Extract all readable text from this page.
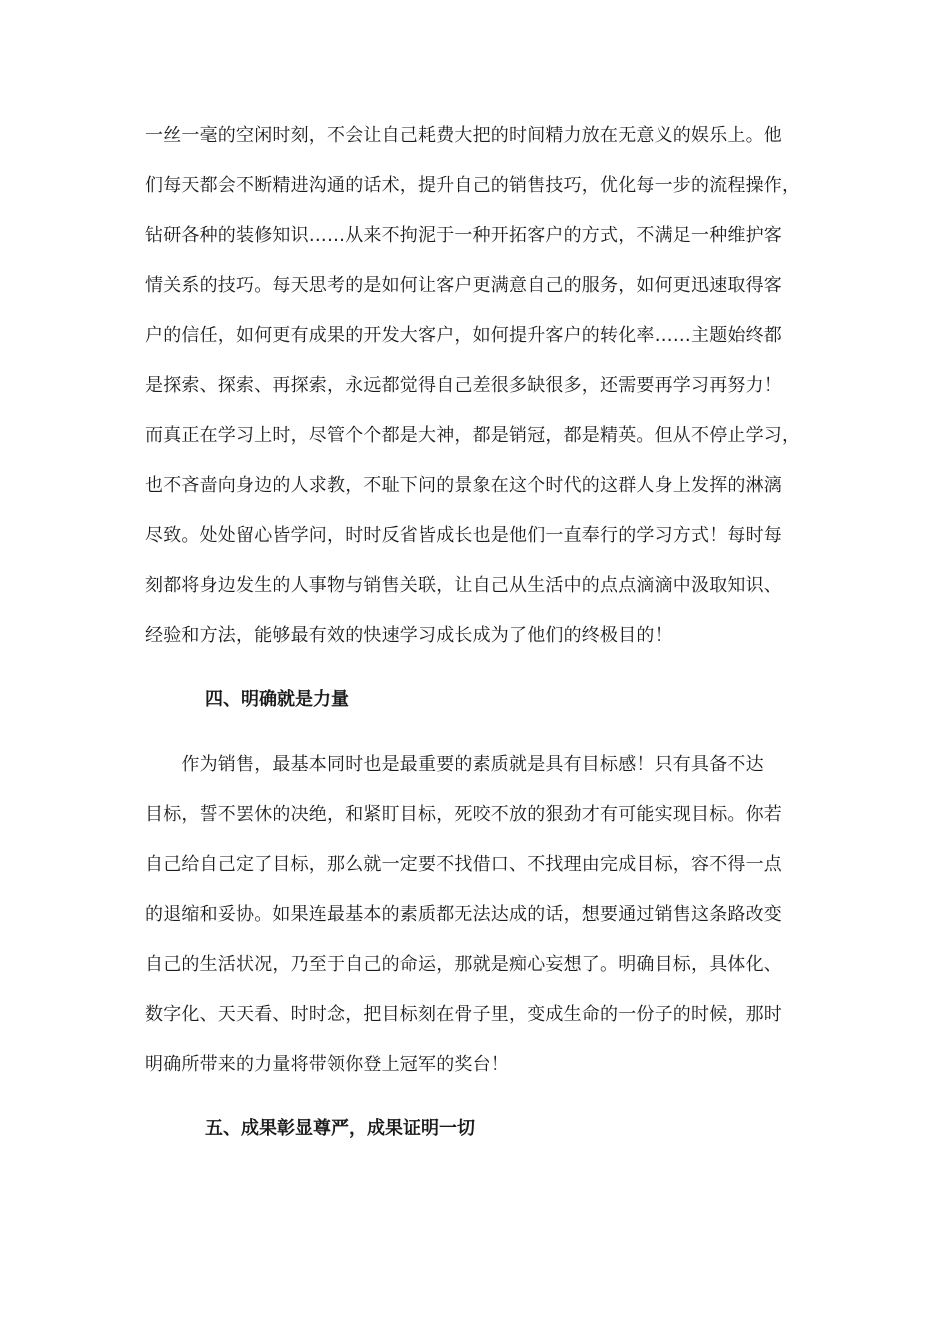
一丝一毫的空闲时刻，不会让自己耗费大把的时间精力放在无意义的娱乐上。他
们每天都会不断精进沟通的话术，提升自己的销售技巧，优化每一步的流程操作，
钻研各种的装修知识……从来不拘泥于一种开拓客户的方式，不满足一种维护客
情关系的技巧。每天思考的是如何让客户更满意自己的服务，如何更迅速取得客
户的信任，如何更有成果的开发大客户，如何提升客户的转化率……主题始终都
是探索、探索、再探索，永远都觉得自己差很多缺很多，还需要再学习再努力！
而真正在学习上时，尽管个个都是大神，都是销冠，都是精英。但从不停止学习，
也不吝啬向身边的人求教，不耻下问的景象在这个时代的这群人身上发挥的淋漓
尽致。处处留心皆学问，时时反省皆成长也是他们一直奉行的学习方式！每时每
刻都将身边发生的人事物与销售关联，让自己从生活中的点点滴滴中汲取知识、
经验和方法，能够最有效的快速学习成长成为了他们的终极目的！
四、明确就是力量
　　作为销售，最基本同时也是最重要的素质就是具有目标感！只有具备不达
目标，誓不罢休的决绝，和紧盯目标，死咬不放的狠劲才有可能实现目标。你若
自己给自己定了目标，那么就一定要不找借口、不找理由完成目标，容不得一点
的退缩和妥协。如果连最基本的素质都无法达成的话，想要通过销售这条路改变
自己的生活状况，乃至于自己的命运，那就是痴心妄想了。明确目标，具体化、
数字化、天天看、时时念，把目标刻在骨子里，变成生命的一份子的时候，那时
明确所带来的力量将带领你登上冠军的奖台！
五、成果彰显尊严，成果证明一切
